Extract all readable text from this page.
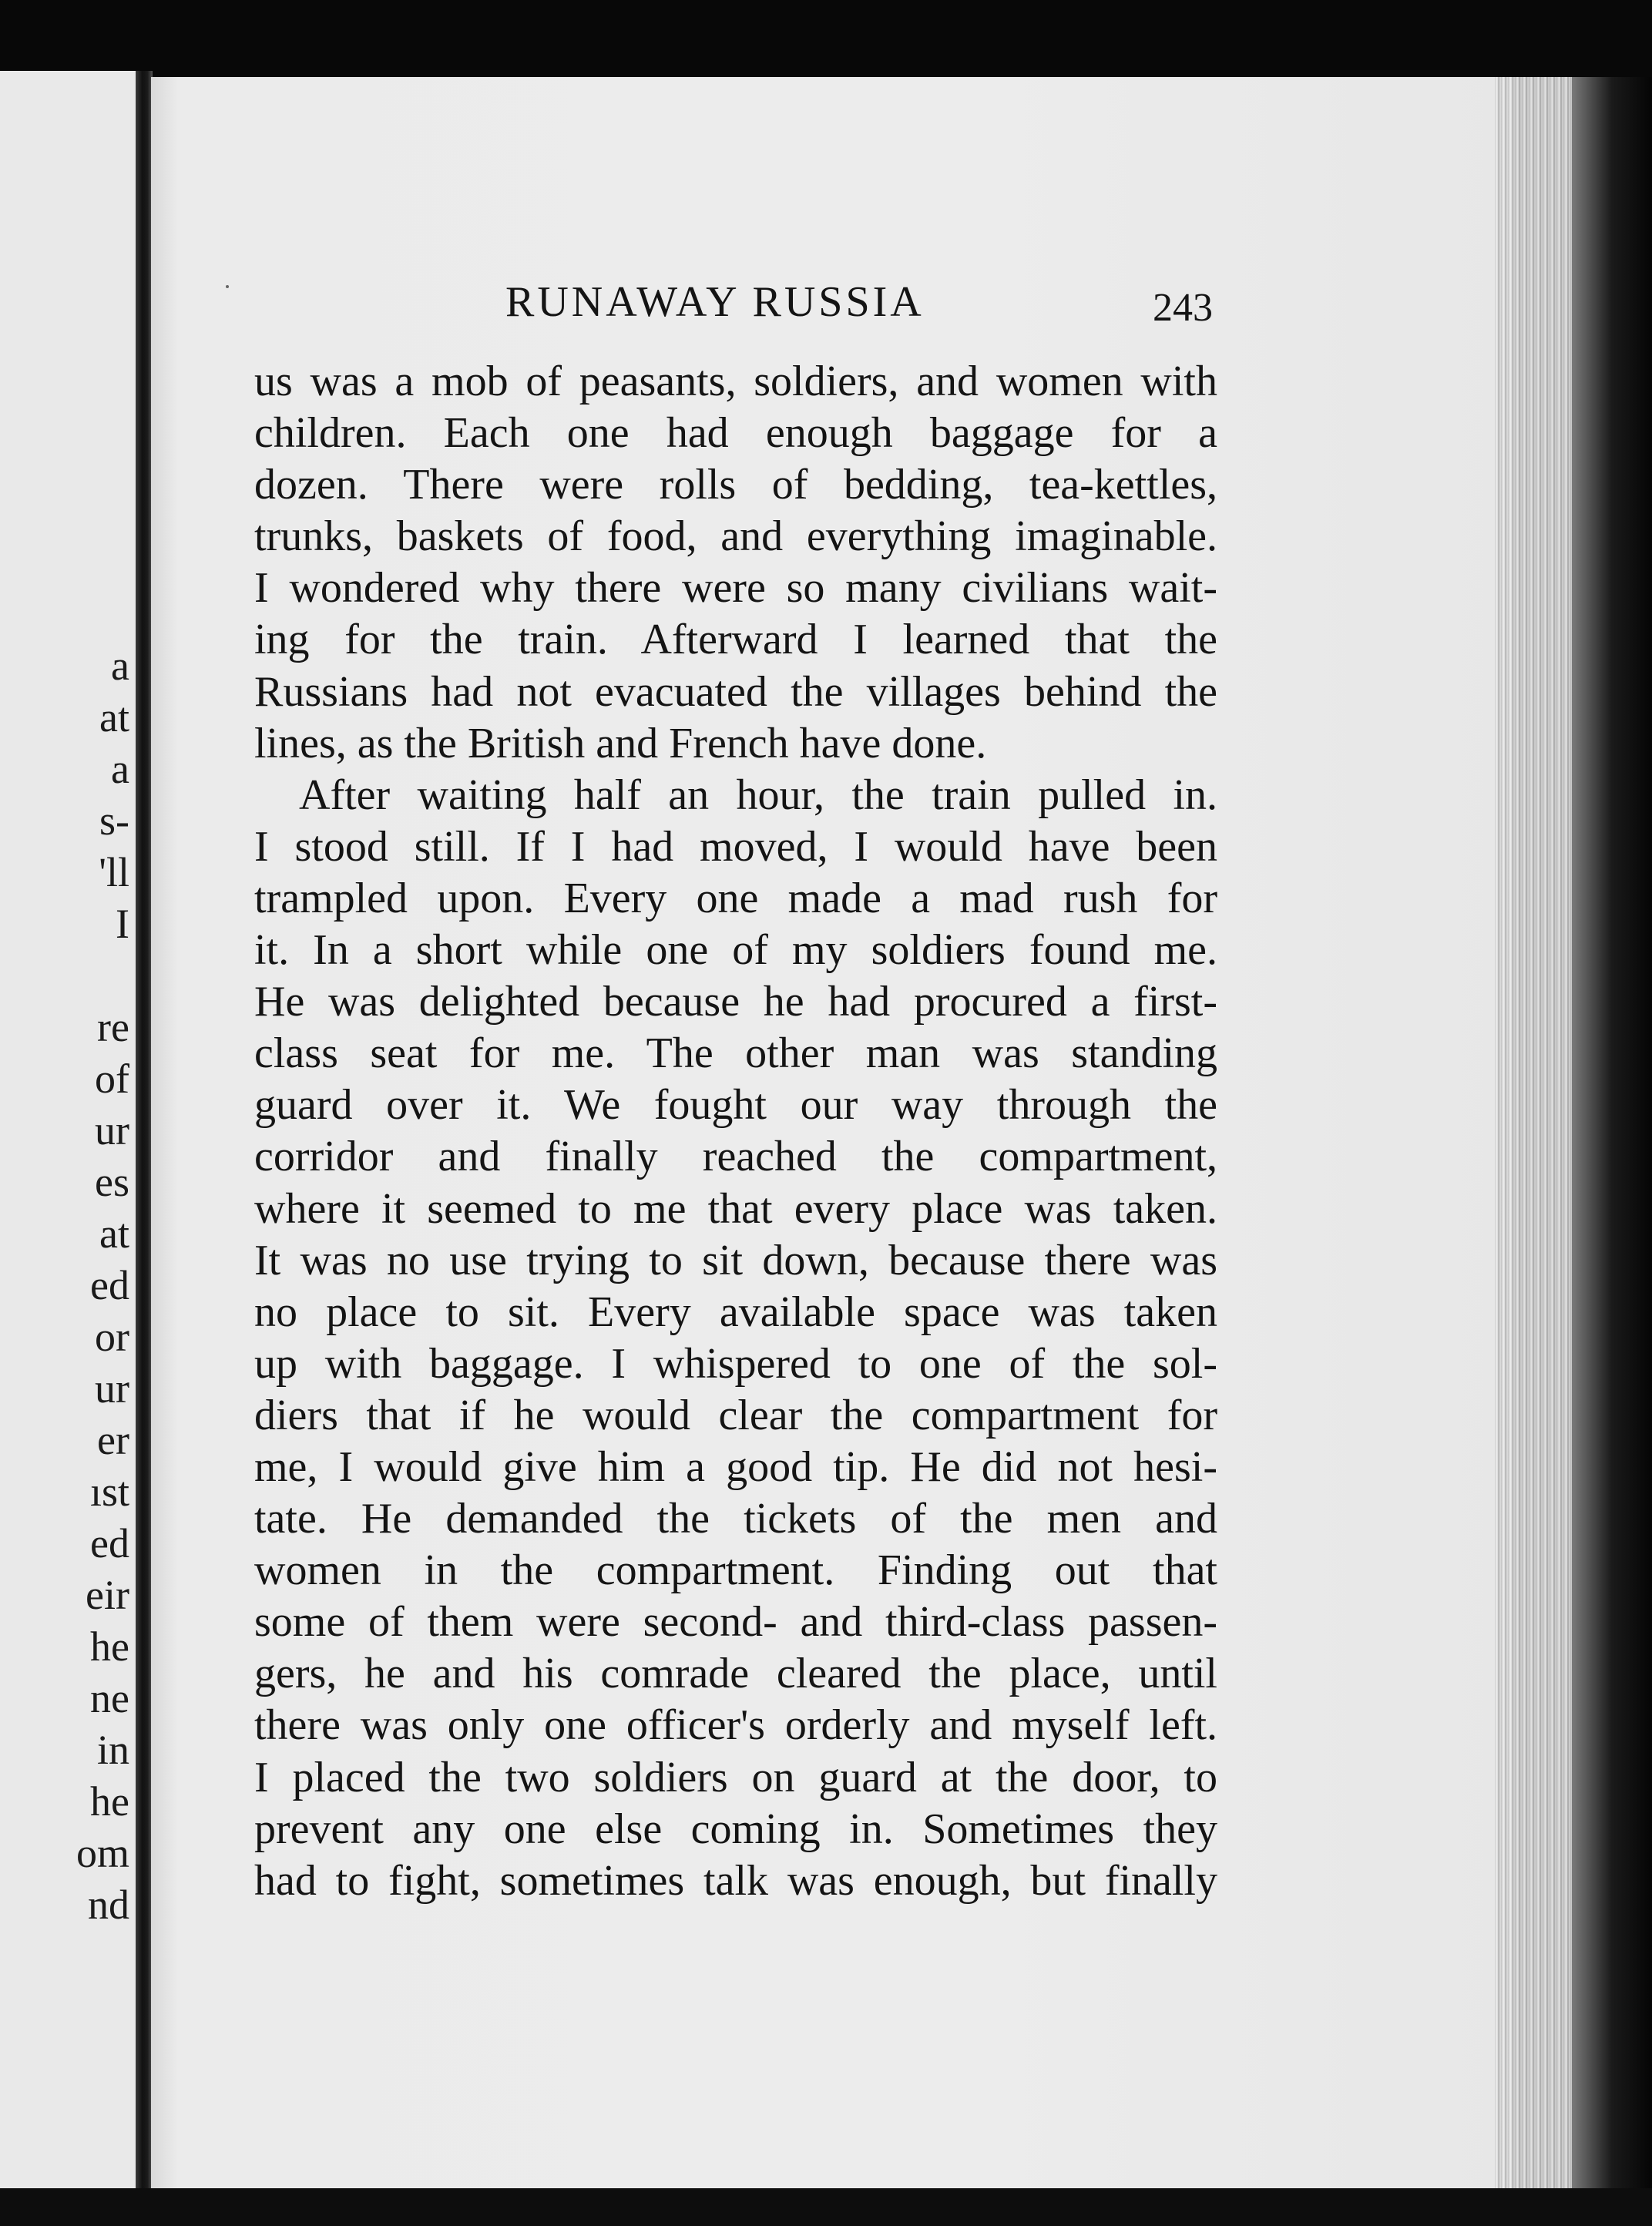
a
at
a
s-
'll
I
re
of
ur
es
at
ed
or
ur
er
ıst
ed
eir
he
ne
in
he
om
nd
RUNAWAY RUSSIA	243
us was a mob of peasants, soldiers, and women with
children. Each one had enough baggage for a
dozen. There were rolls of bedding, tea-kettles,
trunks, baskets of food, and everything imaginable.
I wondered why there were so many civilians wait-
ing for the train. Afterward I learned that the
Russians had not evacuated the villages behind the
lines, as the British and French have done.
After waiting half an hour, the train pulled in.
I stood still. If I had moved, I would have been
trampled upon. Every one made a mad rush for
it. In a short while one of my soldiers found me.
He was delighted because he had procured a first-
class seat for me. The other man was standing
guard over it. We fought our way through the
corridor and finally reached the compartment,
where it seemed to me that every place was taken.
It was no use trying to sit down, because there was
no place to sit. Every available space was taken
up with baggage. I whispered to one of the sol-
diers that if he would clear the compartment for
me, I would give him a good tip. He did not hesi-
tate. He demanded the tickets of the men and
women in the compartment. Finding out that
some of them were second- and third-class passen-
gers, he and his comrade cleared the place, until
there was only one officer's orderly and myself left.
I placed the two soldiers on guard at the door, to
prevent any one else coming in. Sometimes they
had to fight, sometimes talk was enough, but finally
